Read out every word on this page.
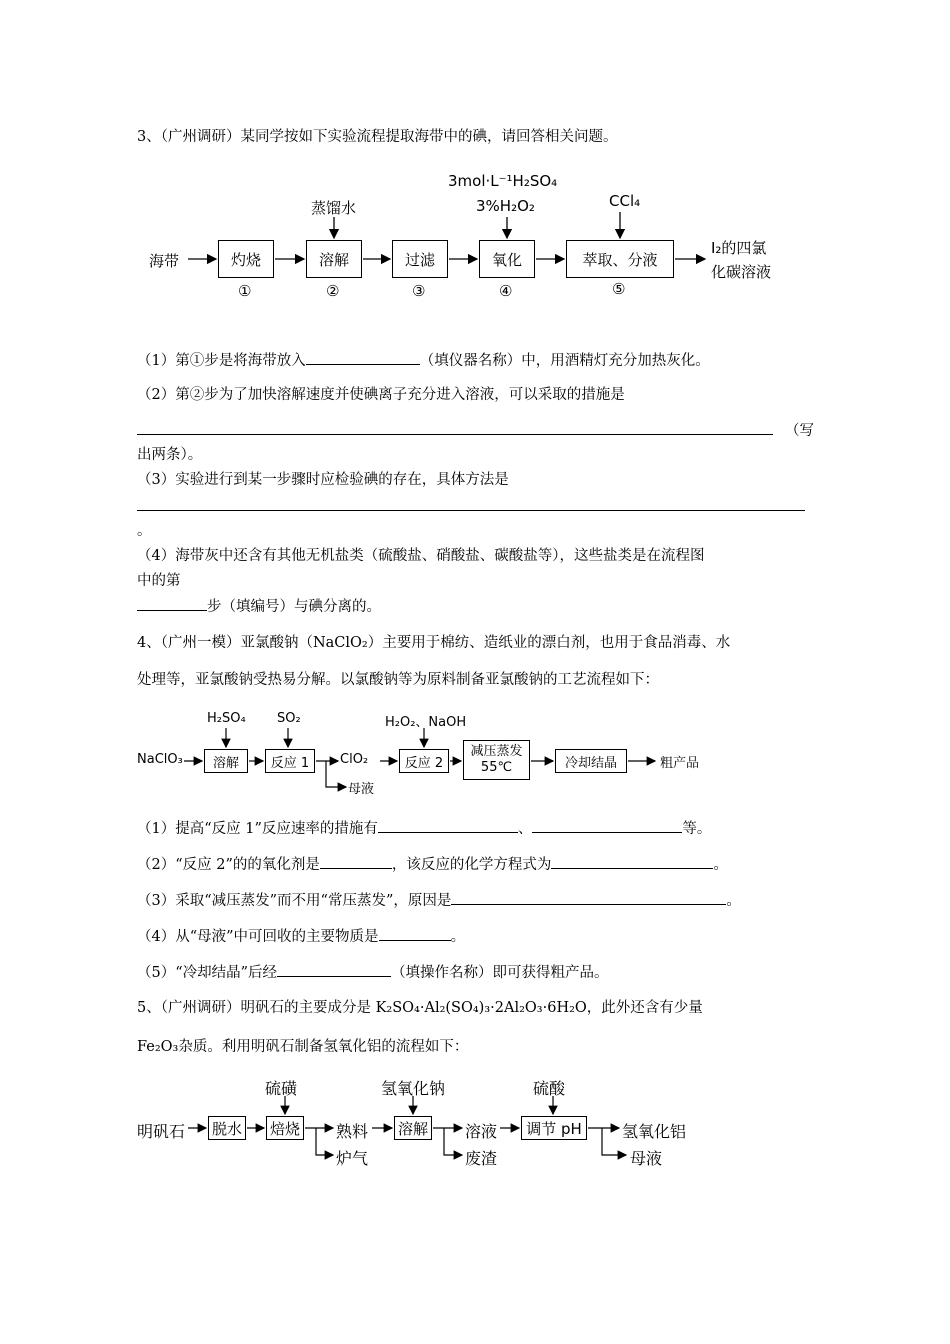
3、（广州调研）某同学按如下实验流程提取海带中的碘，请回答相关问题。
3mol·L⁻¹H₂SO₄
蒸馏水	3%H₂O₂	CCl₄
海带	灼烧	溶解	过滤	氧化	萃取、分液
I₂的四氯
化碳溶液
①	②	③	④	⑤
（1）第①步是将海带放入	（填仪器名称）中，用酒精灯充分加热灰化。
（2）第②步为了加快溶解速度并使碘离子充分进入溶液，可以采取的措施是
（写
出两条）。
（3）实验进行到某一步骤时应检验碘的存在，具体方法是
。
（4）海带灰中还含有其他无机盐类（硫酸盐、硝酸盐、碳酸盐等），这些盐类是在流程图
中的第
步（填编号）与碘分离的。
4、（广州一模）亚氯酸钠（NaClO₂）主要用于棉纺、造纸业的漂白剂，也用于食品消毒、水
处理等，亚氯酸钠受热易分解。以氯酸钠等为原料制备亚氯酸钠的工艺流程如下：
H₂SO₄ SO₂	H₂O₂、NaOH
NaClO₃	溶解	反应 1	ClO₂
母液
反应 2
减压蒸发
55℃	冷却结晶	粗产品
（1）提高“反应 1”反应速率的措施有	、	等。
（2）“反应 2”的的氧化剂是	，该反应的化学方程式为	。
（3）采取“减压蒸发”而不用“常压蒸发”，原因是	。
（4）从“母液”中可回收的主要物质是	。
（5）“冷却结晶”后经	（填操作名称）即可获得粗产品。
5、（广州调研）明矾石的主要成分是 K₂SO₄·Al₂(SO₄)₃·2Al₂O₃·6H₂O，此外还含有少量
Fe₂O₃杂质。利用明矾石制备氢氧化铝的流程如下：
硫磺	氢氧化钠	硫酸
明矾石 脱水 焙烧 熟料
炉气
溶解 溶液
废渣
调节 pH	氢氧化铝
母液
